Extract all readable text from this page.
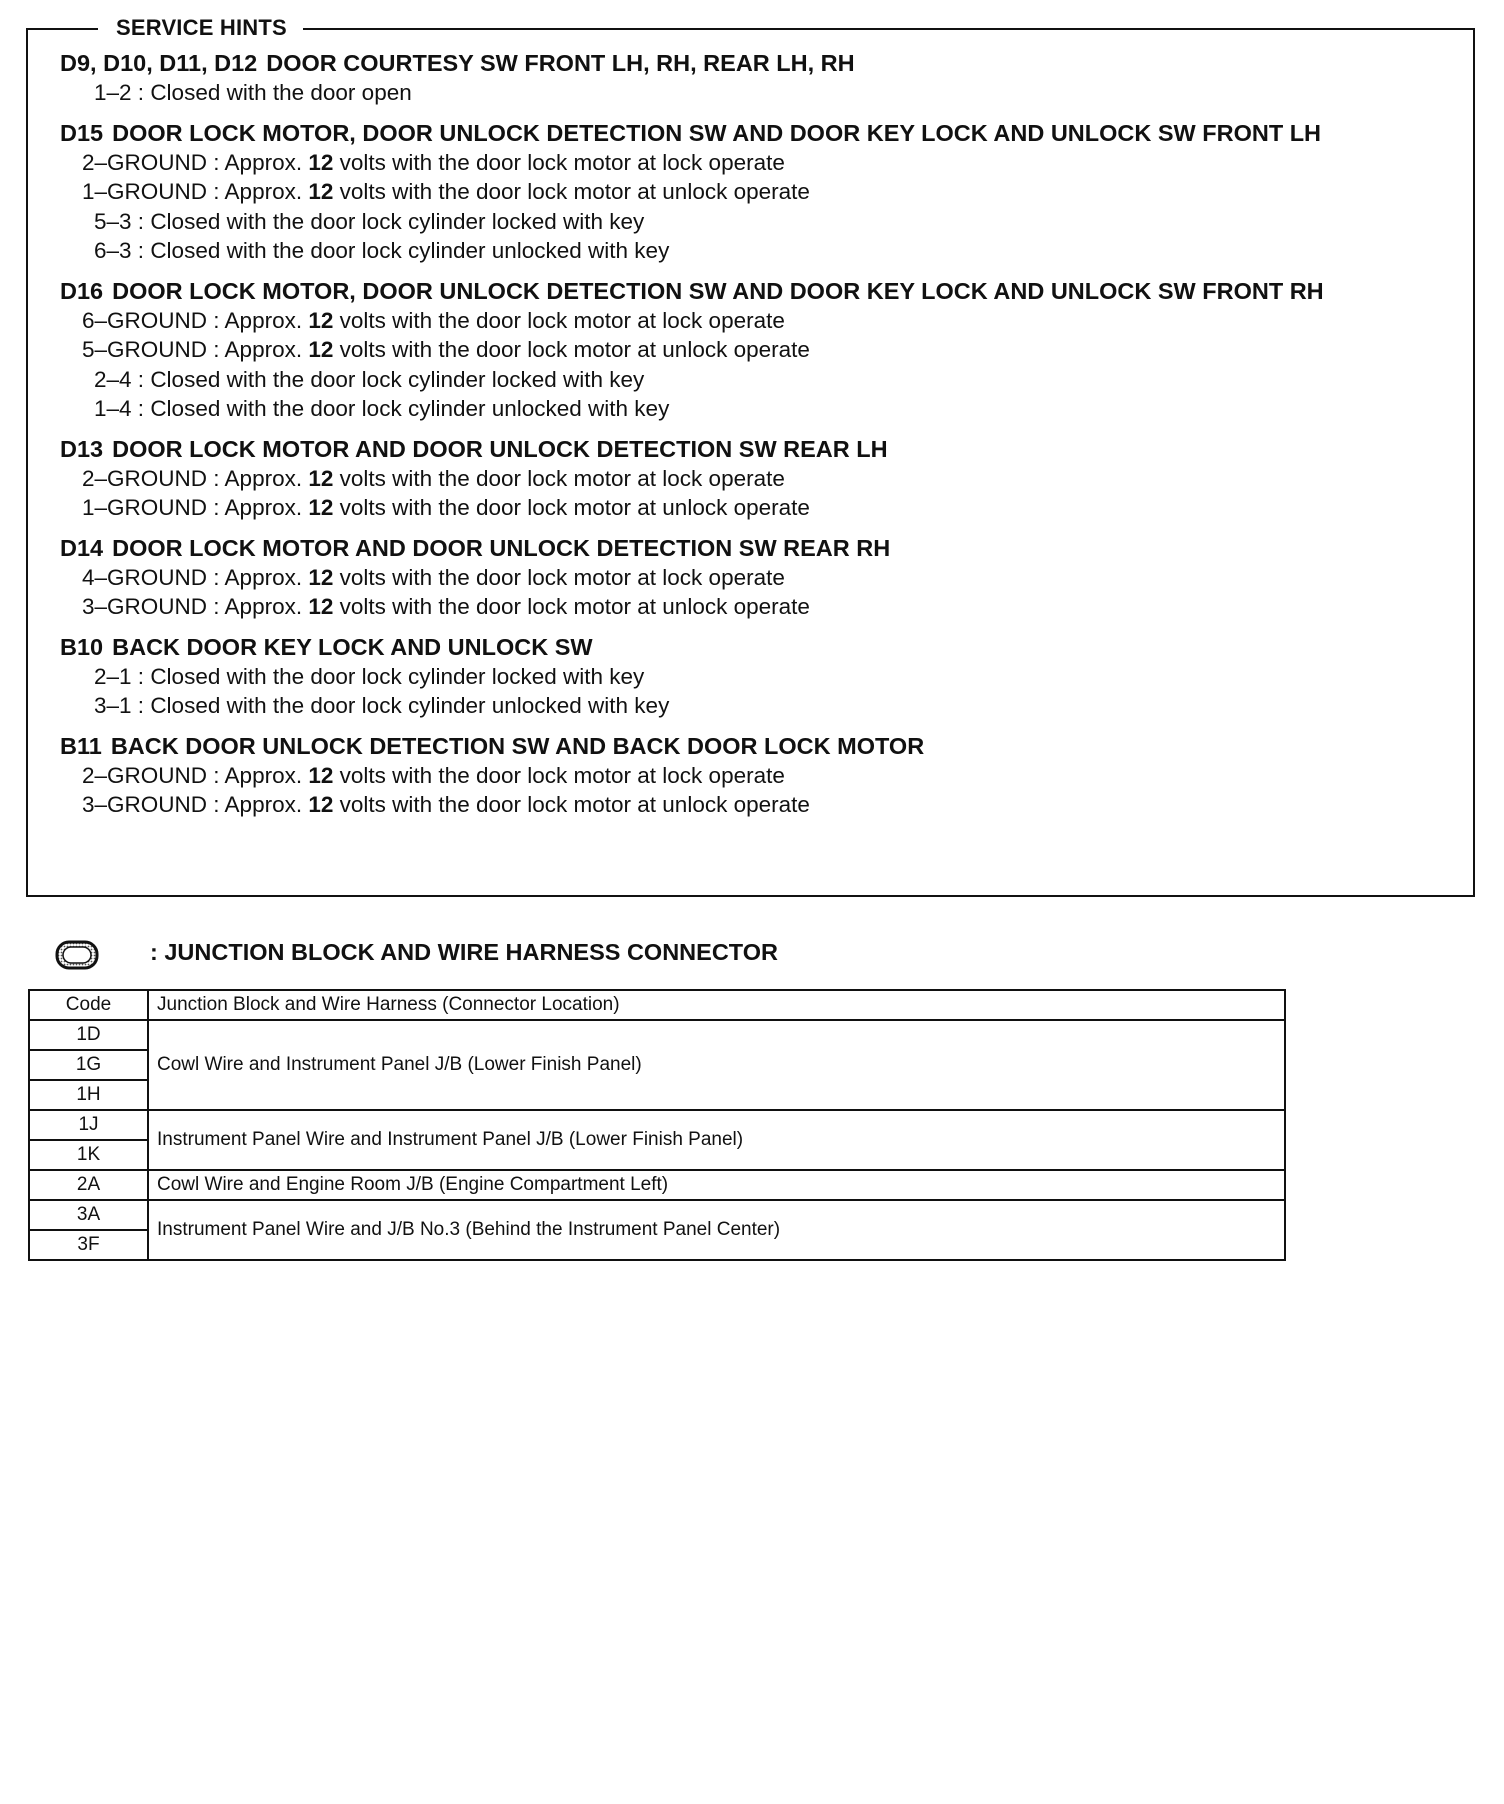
SERVICE HINTS
D9, D10, D11, D12 DOOR COURTESY SW FRONT LH, RH, REAR LH, RH
1–2 : Closed with the door open
D15 DOOR LOCK MOTOR, DOOR UNLOCK DETECTION SW AND DOOR KEY LOCK AND UNLOCK SW FRONT LH
2–GROUND : Approx. 12 volts with the door lock motor at lock operate
1–GROUND : Approx. 12 volts with the door lock motor at unlock operate
5–3 : Closed with the door lock cylinder locked with key
6–3 : Closed with the door lock cylinder unlocked with key
D16 DOOR LOCK MOTOR, DOOR UNLOCK DETECTION SW AND DOOR KEY LOCK AND UNLOCK SW FRONT RH
6–GROUND : Approx. 12 volts with the door lock motor at lock operate
5–GROUND : Approx. 12 volts with the door lock motor at unlock operate
2–4 : Closed with the door lock cylinder locked with key
1–4 : Closed with the door lock cylinder unlocked with key
D13 DOOR LOCK MOTOR AND DOOR UNLOCK DETECTION SW REAR LH
2–GROUND : Approx. 12 volts with the door lock motor at lock operate
1–GROUND : Approx. 12 volts with the door lock motor at unlock operate
D14 DOOR LOCK MOTOR AND DOOR UNLOCK DETECTION SW REAR RH
4–GROUND : Approx. 12 volts with the door lock motor at lock operate
3–GROUND : Approx. 12 volts with the door lock motor at unlock operate
B10 BACK DOOR KEY LOCK AND UNLOCK SW
2–1 : Closed with the door lock cylinder locked with key
3–1 : Closed with the door lock cylinder unlocked with key
B11 BACK DOOR UNLOCK DETECTION SW AND BACK DOOR LOCK MOTOR
2–GROUND : Approx. 12 volts with the door lock motor at lock operate
3–GROUND : Approx. 12 volts with the door lock motor at unlock operate
: JUNCTION BLOCK AND WIRE HARNESS CONNECTOR
Code	Junction Block and Wire Harness (Connector Location)
1D	Cowl Wire and Instrument Panel J/B (Lower Finish Panel)
1G	
1H	
1J	Instrument Panel Wire and Instrument Panel J/B (Lower Finish Panel)
1K	
2A	Cowl Wire and Engine Room J/B (Engine Compartment Left)
3A	Instrument Panel Wire and J/B No.3 (Behind the Instrument Panel Center)
3F	
